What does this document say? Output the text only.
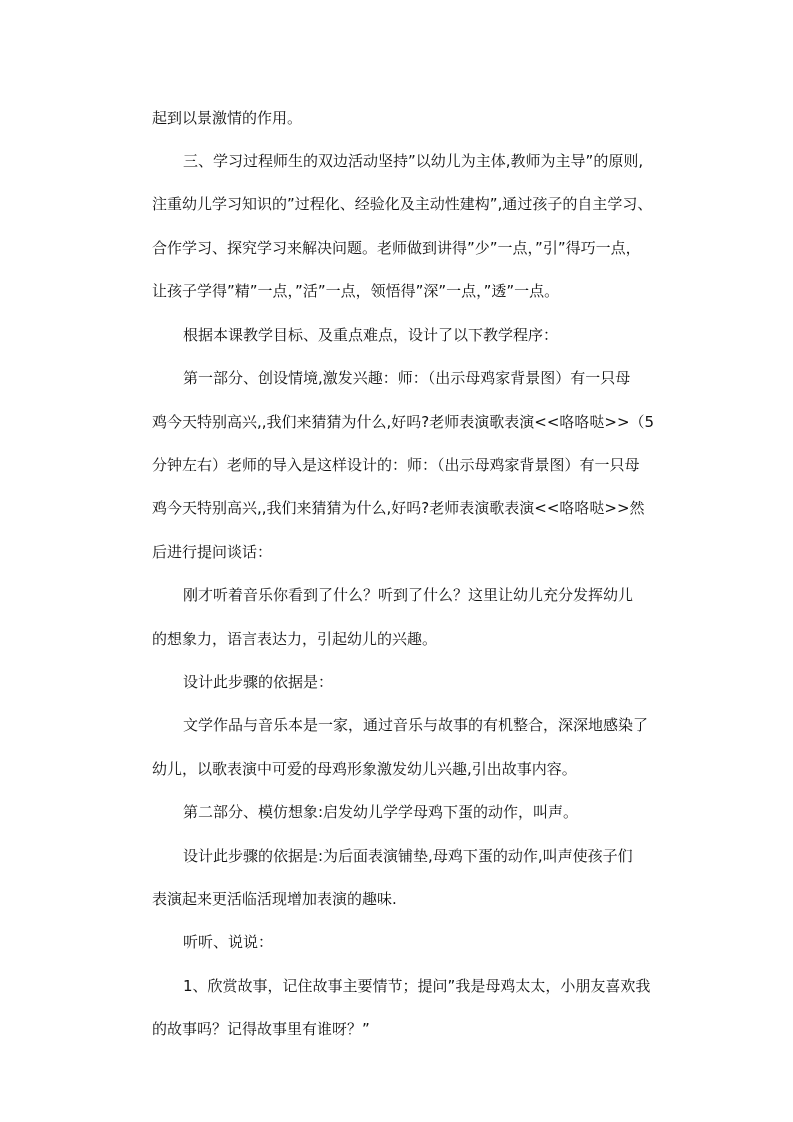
起到以景激情的作用。
三、学习过程师生的双边活动坚持”以幼儿为主体,教师为主导”的原则,
注重幼儿学习知识的”过程化、经验化及主动性建构”,通过孩子的自主学习、
合作学习、探究学习来解决问题。老师做到讲得”少”一点，”引”得巧一点，
让孩子学得”精”一点，”活”一点，领悟得”深”一点，”透”一点。
根据本课教学目标、及重点难点，设计了以下教学程序：
第一部分、创设情境,激发兴趣：师：（出示母鸡家背景图）有一只母
鸡今天特别高兴,,我们来猜猜为什么,好吗?老师表演歌表演<<咯咯哒>>（5
分钟左右）老师的导入是这样设计的：师：（出示母鸡家背景图）有一只母
鸡今天特别高兴,,我们来猜猜为什么,好吗?老师表演歌表演<<咯咯哒>>然
后进行提问谈话：
刚才听着音乐你看到了什么？听到了什么？这里让幼儿充分发挥幼儿
的想象力，语言表达力，引起幼儿的兴趣。
设计此步骤的依据是：
文学作品与音乐本是一家，通过音乐与故事的有机整合，深深地感染了
幼儿，以歌表演中可爱的母鸡形象激发幼儿兴趣,引出故事内容。
第二部分、模仿想象:启发幼儿学学母鸡下蛋的动作，叫声。
设计此步骤的依据是:为后面表演铺垫,母鸡下蛋的动作,叫声使孩子们
表演起来更活临活现增加表演的趣味.
听听、说说：
1、欣赏故事，记住故事主要情节；提问”我是母鸡太太，小朋友喜欢我
的故事吗？记得故事里有谁呀？”
